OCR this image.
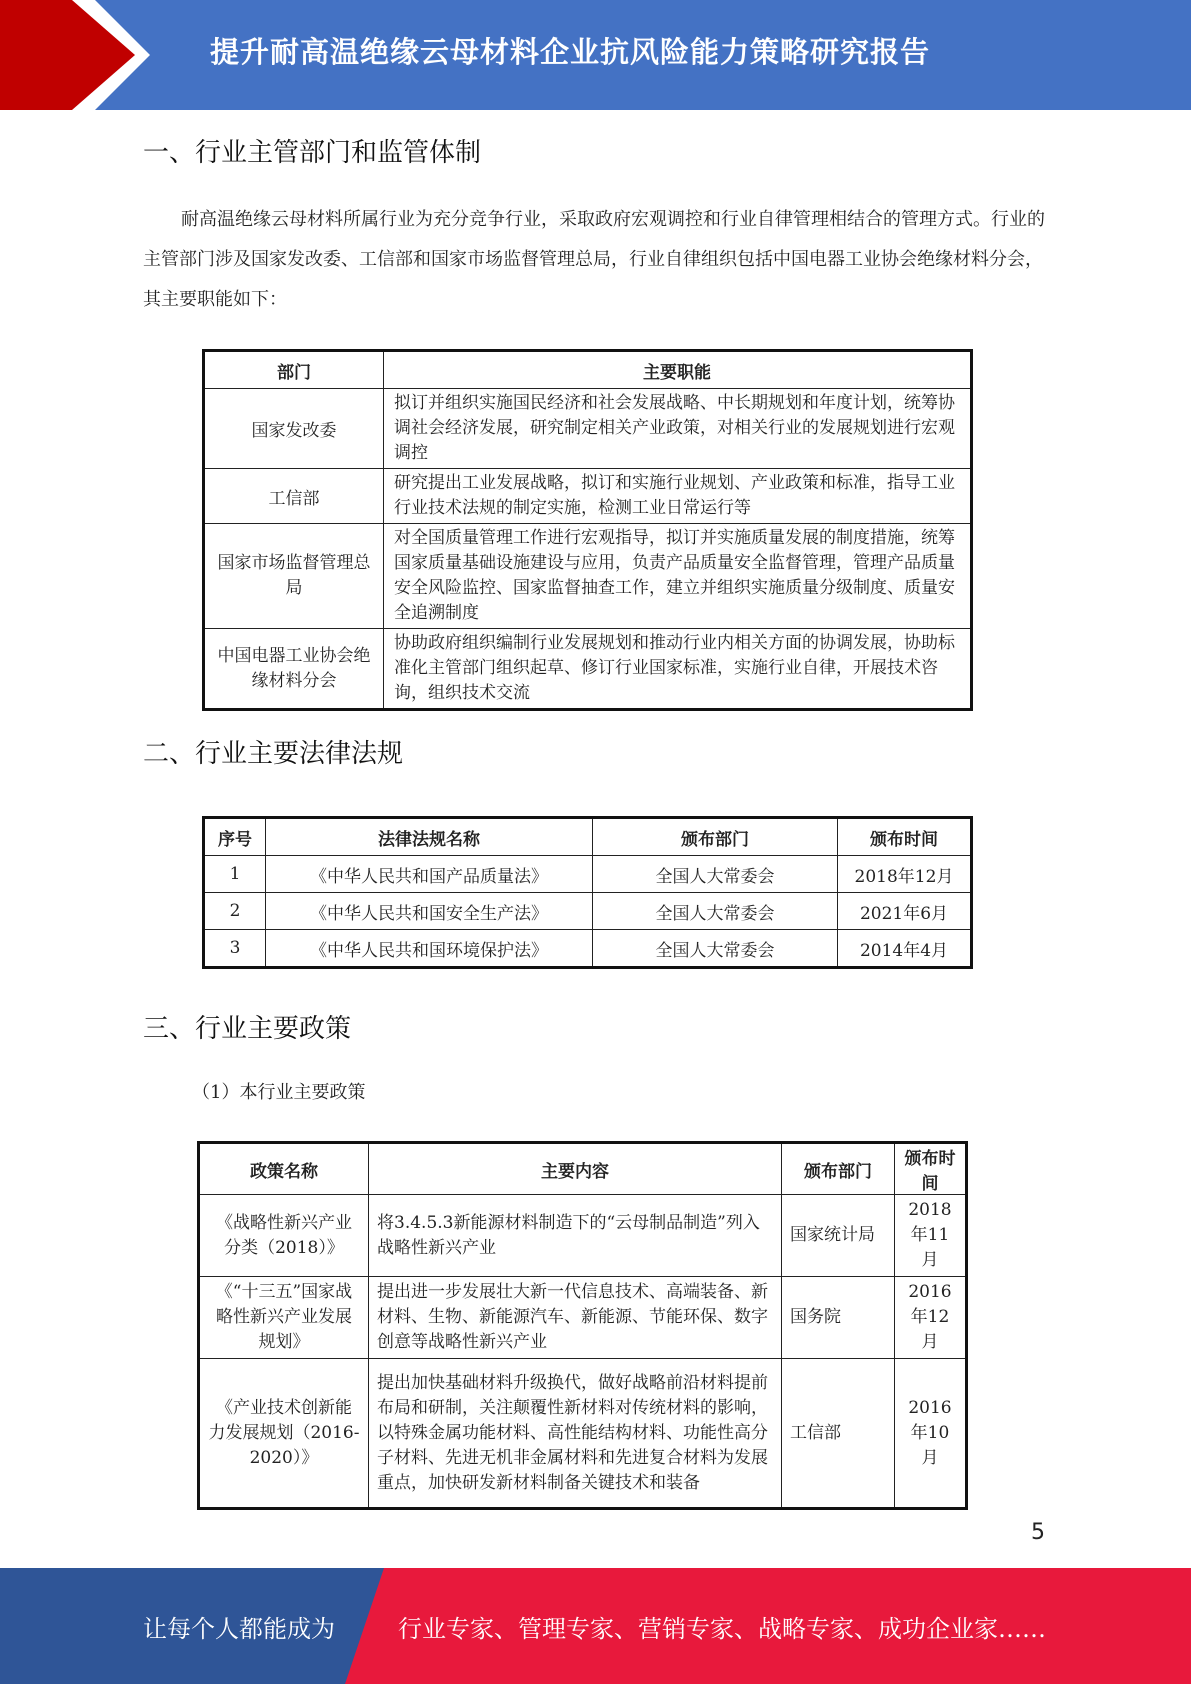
提升耐高温绝缘云母材料企业抗风险能力策略研究报告
一、行业主管部门和监管体制

耐高温绝缘云母材料所属行业为充分竞争行业，采取政府宏观调控和行业自律管理相结合的管理方式。行业的主管部门涉及国家发改委、工信部和国家市场监督管理总局，行业自律组织包括中国电器工业协会绝缘材料分会，其主要职能如下：

部门	主要职能
国家发改委	拟订并组织实施国民经济和社会发展战略、中长期规划和年度计划，统筹协调社会经济发展，研究制定相关产业政策，对相关行业的发展规划进行宏观调控
工信部	研究提出工业发展战略，拟订和实施行业规划、产业政策和标准，指导工业行业技术法规的制定实施，检测工业日常运行等
国家市场监督管理总局	对全国质量管理工作进行宏观指导，拟订并实施质量发展的制度措施，统筹国家质量基础设施建设与应用，负责产品质量安全监督管理，管理产品质量安全风险监控、国家监督抽查工作，建立并组织实施质量分级制度、质量安全追溯制度
中国电器工业协会绝缘材料分会	协助政府组织编制行业发展规划和推动行业内相关方面的协调发展，协助标准化主管部门组织起草、修订行业国家标准，实施行业自律，开展技术咨询，组织技术交流
二、行业主要法律法规
序号	法律法规名称	颁布部门	颁布时间
1	《中华人民共和国产品质量法》	全国人大常委会	2018年12月
2	《中华人民共和国安全生产法》	全国人大常委会	2021年6月
3	《中华人民共和国环境保护法》	全国人大常委会	2014年4月
三、行业主要政策
（1）本行业主要政策
政策名称	主要内容	颁布部门	颁布时间
《战略性新兴产业分类（2018）》	将3.4.5.3新能源材料制造下的“云母制品制造”列入战略性新兴产业	国家统计局	2018年11月
《“十三五”国家战略性新兴产业发展规划》	提出进一步发展壮大新一代信息技术、高端装备、新材料、生物、新能源汽车、新能源、节能环保、数字创意等战略性新兴产业	国务院	2016年12月
《产业技术创新能力发展规划（2016-2020）》	提出加快基础材料升级换代，做好战略前沿材料提前布局和研制，关注颠覆性新材料对传统材料的影响，以特殊金属功能材料、高性能结构材料、功能性高分子材料、先进无机非金属材料和先进复合材料为发展重点，加快研发新材料制备关键技术和装备	工信部	2016年10月
5
让每个人都能成为	行业专家、管理专家、营销专家、战略专家、成功企业家……
